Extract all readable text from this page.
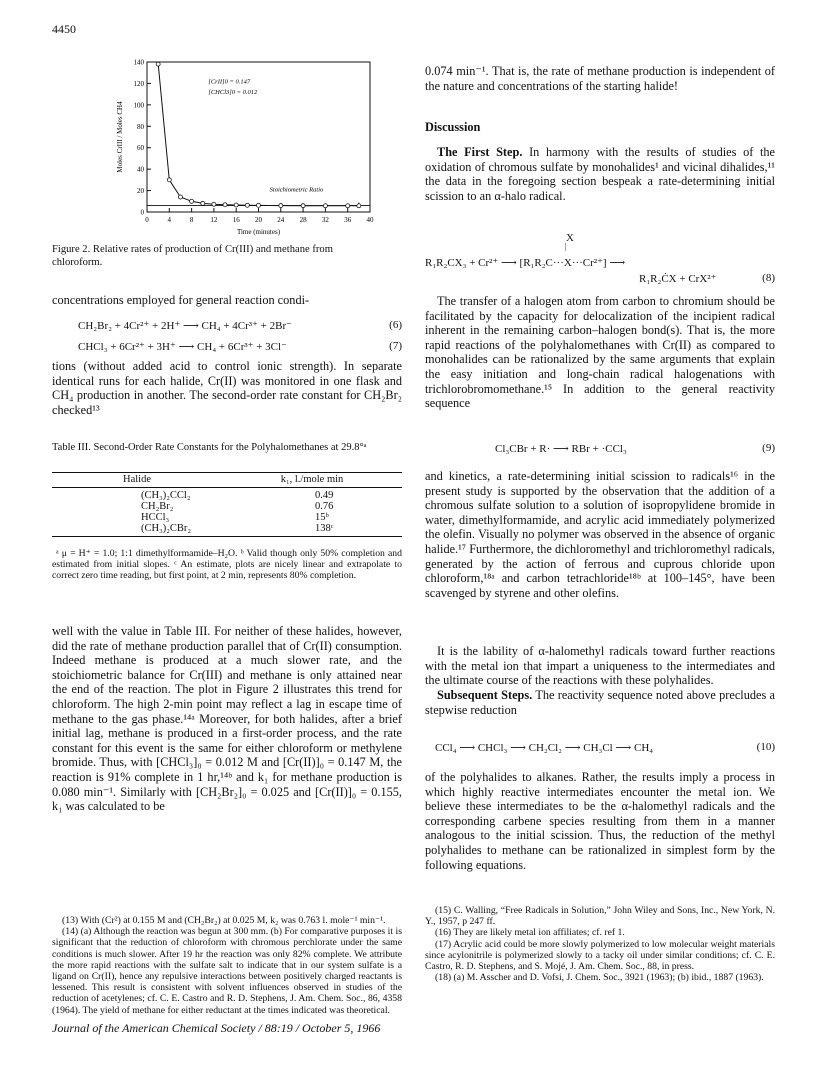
4450
0	4	8 12 16 20 24 28 32 36 40
0
20
40
60
80
100
120
140
Time (minutes)
Moles CrIII / Moles CH4
[CrII]0 = 0.147
[CHCl3]0 = 0.012
Stoichiometric Ratio
Figure 2. Relative rates of production of Cr(III) and methane from chloroform.
concentrations employed for general reaction condi-
CH₂Br₂ + 4Cr²⁺ + 2H⁺ ⟶ CH₄ + 4Cr³⁺ + 2Br⁻	(6)
CHCl₃ + 6Cr²⁺ + 3H⁺ ⟶ CH₄ + 6Cr³⁺ + 3Cl⁻	(7)
tions (without added acid to control ionic strength). In separate identical runs for each halide, Cr(II) was monitored in one flask and CH₄ production in another. The second-order rate constant for CH₂Br₂ checked¹³
Table III. Second-Order Rate Constants for the Polyhalomethanes at 29.8°ᵃ
Halide	k₁, l./mole min
(CH₃)₂CCl₂	0.49
CH₂Br₂	0.76
HCCl₃	15ᵇ
(CH₃)₂CBr₂	138ᶜ

ᵃ μ = H⁺ = 1.0; 1:1 dimethylformamide–H₂O. ᵇ Valid though only 50% completion and estimated from initial slopes. ᶜ An estimate, plots are nicely linear and extrapolate to correct zero time reading, but first point, at 2 min, represents 80% completion.

well with the value in Table III. For neither of these halides, however, did the rate of methane production parallel that of Cr(II) consumption. Indeed methane is produced at a much slower rate, and the stoichiometric balance for Cr(III) and methane is only attained near the end of the reaction. The plot in Figure 2 illustrates this trend for chloroform. The high 2-min point may reflect a lag in escape time of methane to the gas phase.¹⁴ᵃ Moreover, for both halides, after a brief initial lag, methane is produced in a first-order process, and the rate constant for this event is the same for either chloroform or methylene bromide. Thus, with [CHCl₃]₀ = 0.012 M and [Cr(II)]₀ = 0.147 M, the reaction is 91% complete in 1 hr,¹⁴ᵇ and k₁ for methane production is 0.080 min⁻¹. Similarly with [CH₂Br₂]₀ = 0.025 and [Cr(II)]₀ = 0.155, k₁ was calculated to be

(13) With (Cr²) at 0.155 M and (CH₂Br₂) at 0.025 M, k₂ was 0.763 l. mole⁻¹ min⁻¹.

(14) (a) Although the reaction was begun at 300 mm. (b) For comparative purposes it is significant that the reduction of chloroform with chromous perchlorate under the same conditions is much slower. After 19 hr the reaction was only 82% complete. We attribute the more rapid reactions with the sulfate salt to indicate that in our system sulfate is a ligand on Cr(II), hence any repulsive interactions between positively charged reactants is lessened. This result is consistent with solvent influences observed in studies of the reduction of acetylenes; cf. C. E. Castro and R. D. Stephens, J. Am. Chem. Soc., 86, 4358 (1964). The yield of methane for either reductant at the times indicated was theoretical.

0.074 min⁻¹. That is, the rate of methane production is independent of the nature and concentrations of the starting halide!
Discussion

The First Step. In harmony with the results of studies of the oxidation of chromous sulfate by monohalides¹ and vicinal dihalides,¹¹ the data in the foregoing section bespeak a rate-determining initial scission to an α-halo radical.

X
|
R₁R₂CX₃ + Cr²⁺ ⟶ [R₁R₂C···X···Cr²⁺] ⟶
R₁R₂ĊX + CrX²⁺	(8)

The transfer of a halogen atom from carbon to chromium should be facilitated by the capacity for delocalization of the incipient radical inherent in the remaining carbon–halogen bond(s). That is, the more rapid reactions of the polyhalomethanes with Cr(II) as compared to monohalides can be rationalized by the same arguments that explain the easy initiation and long-chain radical halogenations with trichlorobromomethane.¹⁵ In addition to the general reactivity sequence

Cl₃CBr + R· ⟶ RBr + ·CCl₃	(9)
and kinetics, a rate-determining initial scission to radicals¹⁶ in the present study is supported by the observation that the addition of a chromous sulfate solution to a solution of isopropylidene bromide in water, dimethylformamide, and acrylic acid immediately polymerized the olefin. Visually no polymer was observed in the absence of organic halide.¹⁷ Furthermore, the dichloromethyl and trichloromethyl radicals, generated by the action of ferrous and cuprous chloride upon chloroform,¹⁸ᵃ and carbon tetrachloride¹⁸ᵇ at 100–145°, have been scavenged by styrene and other olefins.

It is the lability of α-halomethyl radicals toward further reactions with the metal ion that impart a uniqueness to the intermediates and the ultimate course of the reactions with these polyhalides.

Subsequent Steps. The reactivity sequence noted above precludes a stepwise reduction

CCl₄ ⟶ CHCl₃ ⟶ CH₂Cl₂ ⟶ CH₃Cl ⟶ CH₄	(10)
of the polyhalides to alkanes. Rather, the results imply a process in which highly reactive intermediates encounter the metal ion. We believe these intermediates to be the α-halomethyl radicals and the corresponding carbene species resulting from them in a manner analogous to the initial scission. Thus, the reduction of the methyl polyhalides to methane can be rationalized in simplest form by the following equations.

(15) C. Walling, “Free Radicals in Solution,” John Wiley and Sons, Inc., New York, N. Y., 1957, p 247 ff.

(16) They are likely metal ion affiliates; cf. ref 1.

(17) Acrylic acid could be more slowly polymerized to low molecular weight materials since acylonitrile is polymerized slowly to a tacky oil under similar conditions; cf. C. E. Castro, R. D. Stephens, and S. Mojé, J. Am. Chem. Soc., 88, in press.

(18) (a) M. Asscher and D. Vofsi, J. Chem. Soc., 3921 (1963); (b) ibid., 1887 (1963).

Journal of the American Chemical Society / 88:19 / October 5, 1966
